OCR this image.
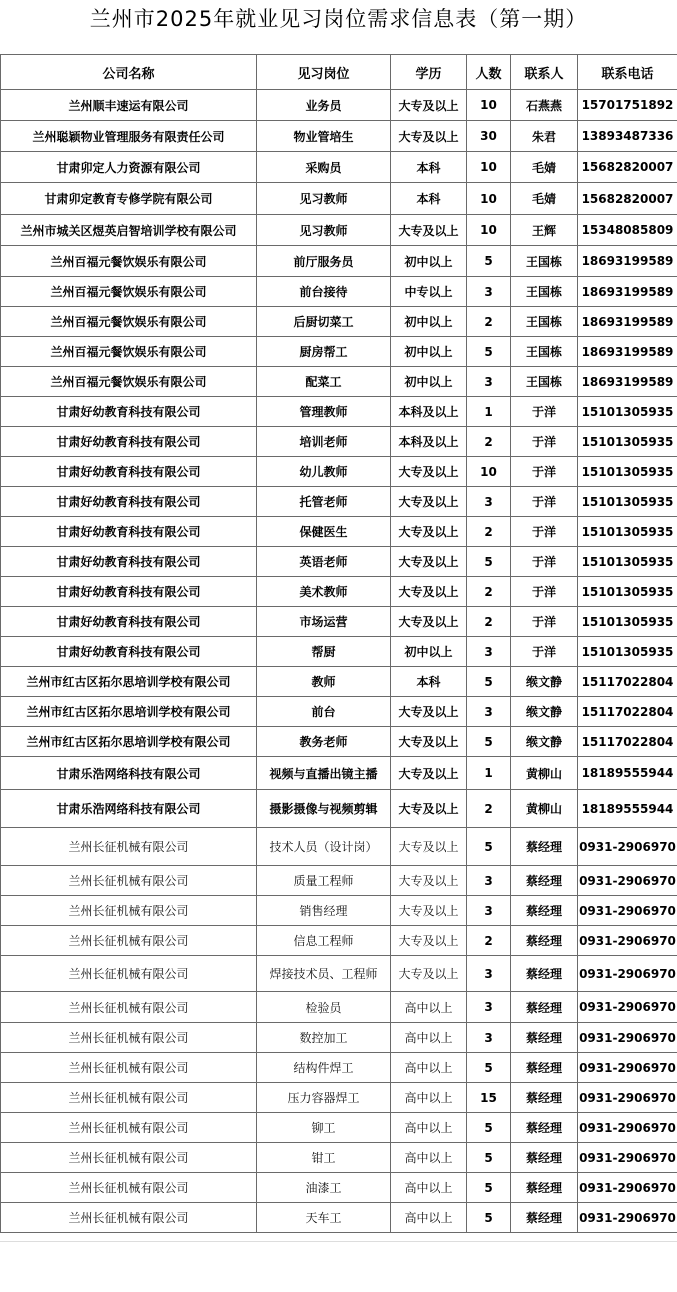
兰州市2025年就业见习岗位需求信息表（第一期）
公司名称	见习岗位	学历	人数	联系人	联系电话
兰州顺丰速运有限公司	业务员	大专及以上	10	石燕燕	15701751892
兰州聪颖物业管理服务有限责任公司	物业管培生	大专及以上	30	朱君	13893487336
甘肃卯定人力资源有限公司	采购员	本科	10	毛婧	15682820007
甘肃卯定教育专修学院有限公司	见习教师	本科	10	毛婧	15682820007
兰州市城关区煜英启智培训学校有限公司	见习教师	大专及以上	10	王辉	15348085809
兰州百福元餐饮娱乐有限公司	前厅服务员	初中以上	5	王国栋	18693199589
兰州百福元餐饮娱乐有限公司	前台接待	中专以上	3	王国栋	18693199589
兰州百福元餐饮娱乐有限公司	后厨切菜工	初中以上	2	王国栋	18693199589
兰州百福元餐饮娱乐有限公司	厨房帮工	初中以上	5	王国栋	18693199589
兰州百福元餐饮娱乐有限公司	配菜工	初中以上	3	王国栋	18693199589
甘肃好幼教育科技有限公司	管理教师	本科及以上	1	于洋	15101305935
甘肃好幼教育科技有限公司	培训老师	本科及以上	2	于洋	15101305935
甘肃好幼教育科技有限公司	幼儿教师	大专及以上	10	于洋	15101305935
甘肃好幼教育科技有限公司	托管老师	大专及以上	3	于洋	15101305935
甘肃好幼教育科技有限公司	保健医生	大专及以上	2	于洋	15101305935
甘肃好幼教育科技有限公司	英语老师	大专及以上	5	于洋	15101305935
甘肃好幼教育科技有限公司	美术教师	大专及以上	2	于洋	15101305935
甘肃好幼教育科技有限公司	市场运营	大专及以上	2	于洋	15101305935
甘肃好幼教育科技有限公司	帮厨	初中以上	3	于洋	15101305935
兰州市红古区拓尔思培训学校有限公司	教师	本科	5	缑文静	15117022804
兰州市红古区拓尔思培训学校有限公司	前台	大专及以上	3	缑文静	15117022804
兰州市红古区拓尔思培训学校有限公司	教务老师	大专及以上	5	缑文静	15117022804
甘肃乐浩网络科技有限公司	视频与直播出镜主播	大专及以上	1	黄柳山	18189555944
甘肃乐浩网络科技有限公司	摄影摄像与视频剪辑	大专及以上	2	黄柳山	18189555944
兰州长征机械有限公司	技术人员（设计岗）	大专及以上	5	蔡经理	0931-2906970
兰州长征机械有限公司	质量工程师	大专及以上	3	蔡经理	0931-2906970
兰州长征机械有限公司	销售经理	大专及以上	3	蔡经理	0931-2906970
兰州长征机械有限公司	信息工程师	大专及以上	2	蔡经理	0931-2906970
兰州长征机械有限公司	焊接技术员、工程师	大专及以上	3	蔡经理	0931-2906970
兰州长征机械有限公司	检验员	高中以上	3	蔡经理	0931-2906970
兰州长征机械有限公司	数控加工	高中以上	3	蔡经理	0931-2906970
兰州长征机械有限公司	结构件焊工	高中以上	5	蔡经理	0931-2906970
兰州长征机械有限公司	压力容器焊工	高中以上	15	蔡经理	0931-2906970
兰州长征机械有限公司	铆工	高中以上	5	蔡经理	0931-2906970
兰州长征机械有限公司	钳工	高中以上	5	蔡经理	0931-2906970
兰州长征机械有限公司	油漆工	高中以上	5	蔡经理	0931-2906970
兰州长征机械有限公司	天车工	高中以上	5	蔡经理	0931-2906970
